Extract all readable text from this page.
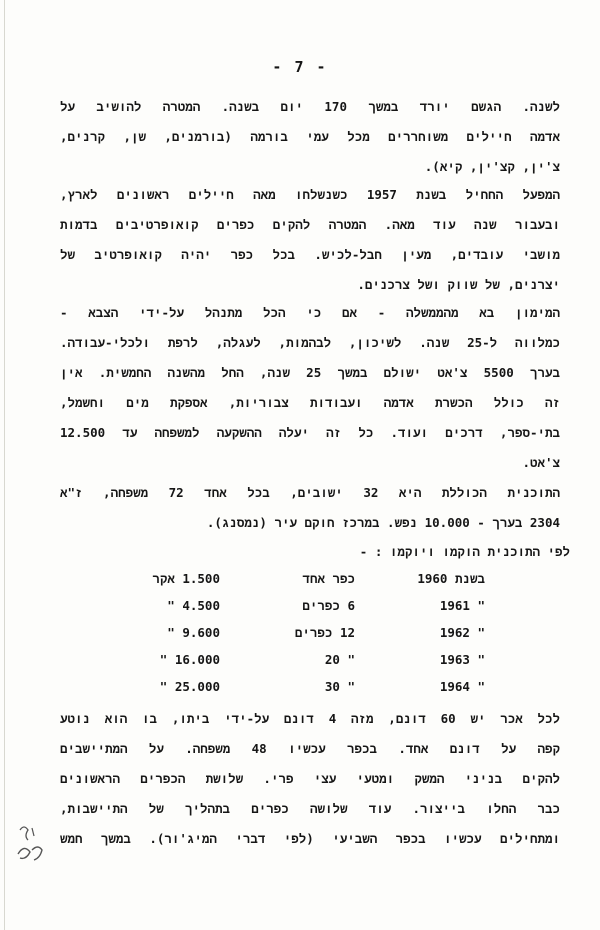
- 7 -
לשנה. הגשם יורד במשך 170 יום בשנה. המטרה להושיב על
אדמה חיילים משוחררים מכל עמי בורמה (בורמנים, שן, קרנים,
צ'ין, קצ'ין, קיא).
המפעל החחיל בשנת 1957 כשנשלחו מאה חיילים ראשונים לארץ,
ובעבור שנה עוד מאה. המטרה להקים כפרים קואופרטיבים בדמות
מושבי עובדים, מעין חבל-לכיש. בכל כפר יהיה קואופרטיב של
יצרנים, של שווק ושל צרכנים.
המימון בא מהממשלה - אם כי הכל מתנהל על-ידי הצבא -
כמלווה ל-25 שנה. לשיכון, לבהמות, לעגלה, לרפת ולכלי-עבודה.
בערך 5500 צ'אט ישולם במשך 25 שנה, החל מהשנה החמשית. אין
זה כולל הכשרת אדמה ועבודות צבוריות, אספקת מים וחשמל,
בתי-ספר, דרכים ועוד. כל זה יעלה ההשקעה למשפחה עד 12.500
צ'אט.
התוכנית הכוללת היא 32 ישובים, בכל אחד 72 משפחה, ז"א
2304 בערך - 10.000 נפש. במרכז חוקם עיר (נמסנג).
לפי התוכנית הוקמו ויוקמו : -
בשנת 1960
כפר אחד
1.500 אקר
" 1961
6 כפרים
4.500 "
" 1962
12 כפרים
9.600 "
" 1963
" 20
16.000 "
" 1964
" 30
25.000 "
לכל אכר יש 60 דונם, מזה 4 דונם על-ידי ביתו, בו הוא נוטע
קפה על דונם אחד. בכפר עכשיו 48 משפחה. על המתיישבים
להקים בניני המשק ומטעי עצי פרי. שלושת הכפרים הראשונים
כבר החלו בייצור. עוד שלושה כפרים בתהליך של התיישבות,
ומתחילים עכשיו בכפר השביעי (לפי דברי המיג'ור). במשך חמש
